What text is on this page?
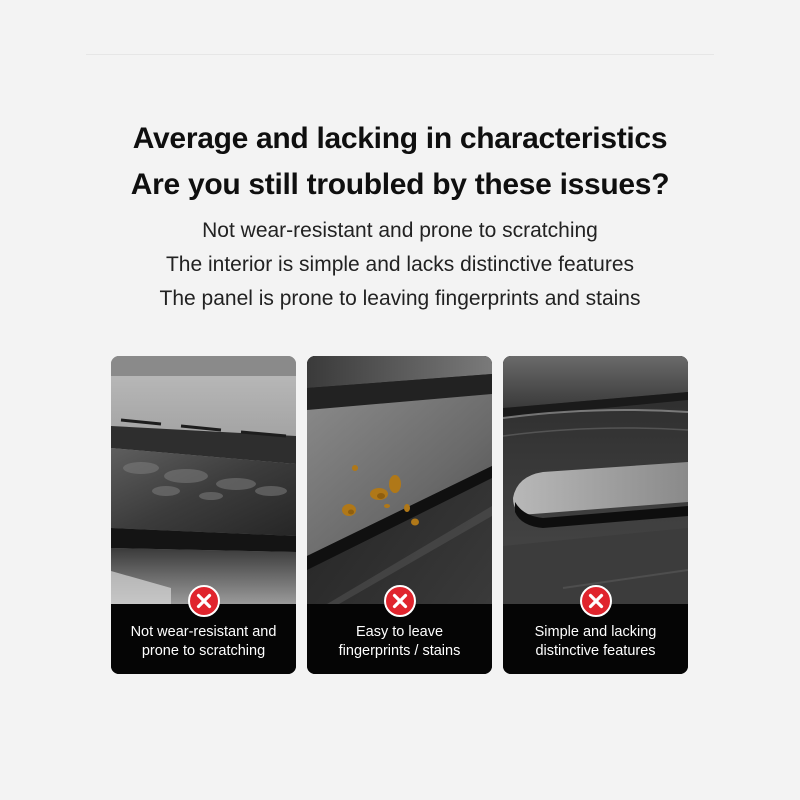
Average and lacking in characteristics
Are you still troubled by these issues?
Not wear-resistant and prone to scratching
The interior is simple and lacks distinctive features
The panel is prone to leaving fingerprints and stains
Not wear-resistant and
prone to scratching
Easy to leave
fingerprints / stains
Simple and lacking
distinctive features
